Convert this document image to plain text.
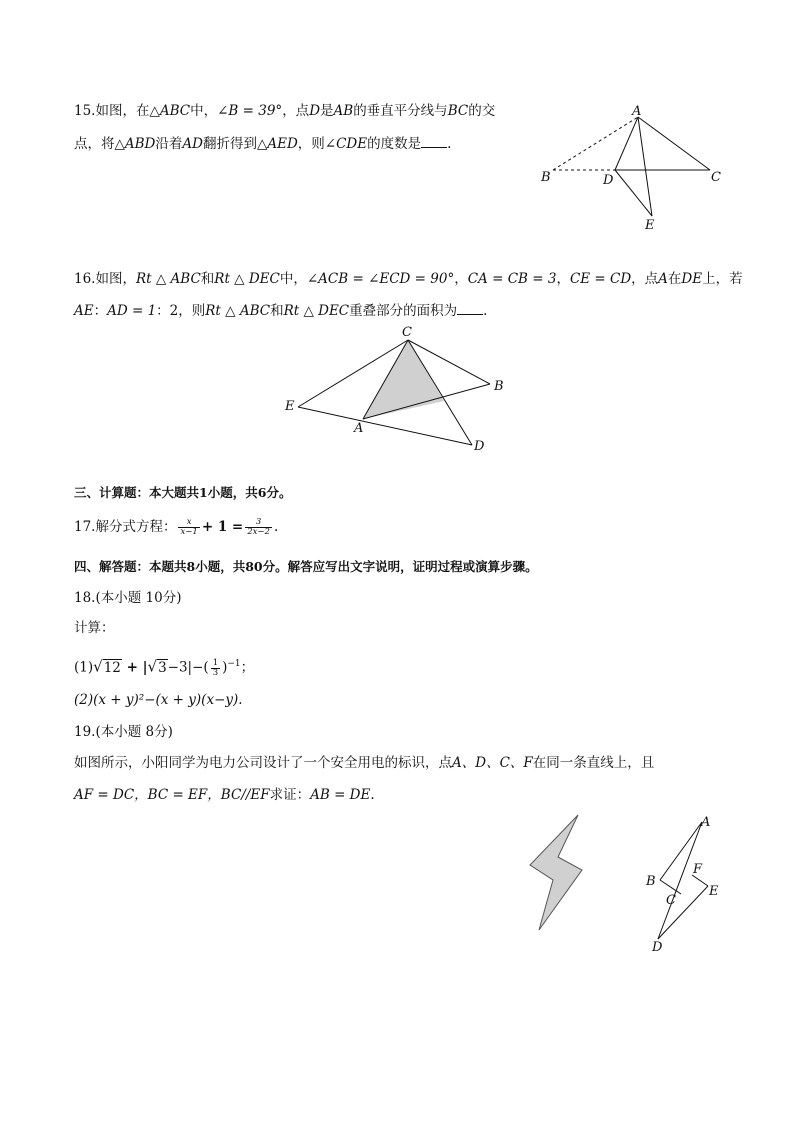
15.如图，在△ABC中，∠B = 39°，点D是AB的垂直平分线与BC的交
点，将△ABD沿着AD翻折得到△AED，则∠CDE的度数是 .
A
B	D	C
E
16.如图，Rt △ ABC和Rt △ DEC中，∠ACB = ∠ECD = 90°，CA = CB = 3，CE = CD，点A在DE上，若
AE：AD = 1：2，则Rt △ ABC和Rt △ DEC重叠部分的面积为 .
C
B
E
A
D
三、计算题：本大题共1小题，共6分。
17.解分式方程： $\frac{x}{x-1} + 1 = \frac{3}{2x-2}$ .
四、解答题：本题共8小题，共80分。解答应写出文字说明，证明过程或演算步骤。
18.(本小题 10分)
计算：
$(1)√12 + |√3-3|-( \frac{1}{3} )^{-1}$；
(2)(x + y)²−(x + y)(x−y).
19.(本小题 8分)
如图所示，小阳同学为电力公司设计了一个安全用电的标识，点A、D、C、F在同一条直线上，且
AF = DC，BC = EF，BC//EF求证：AB = DE.
A
B
F
C
E
D
